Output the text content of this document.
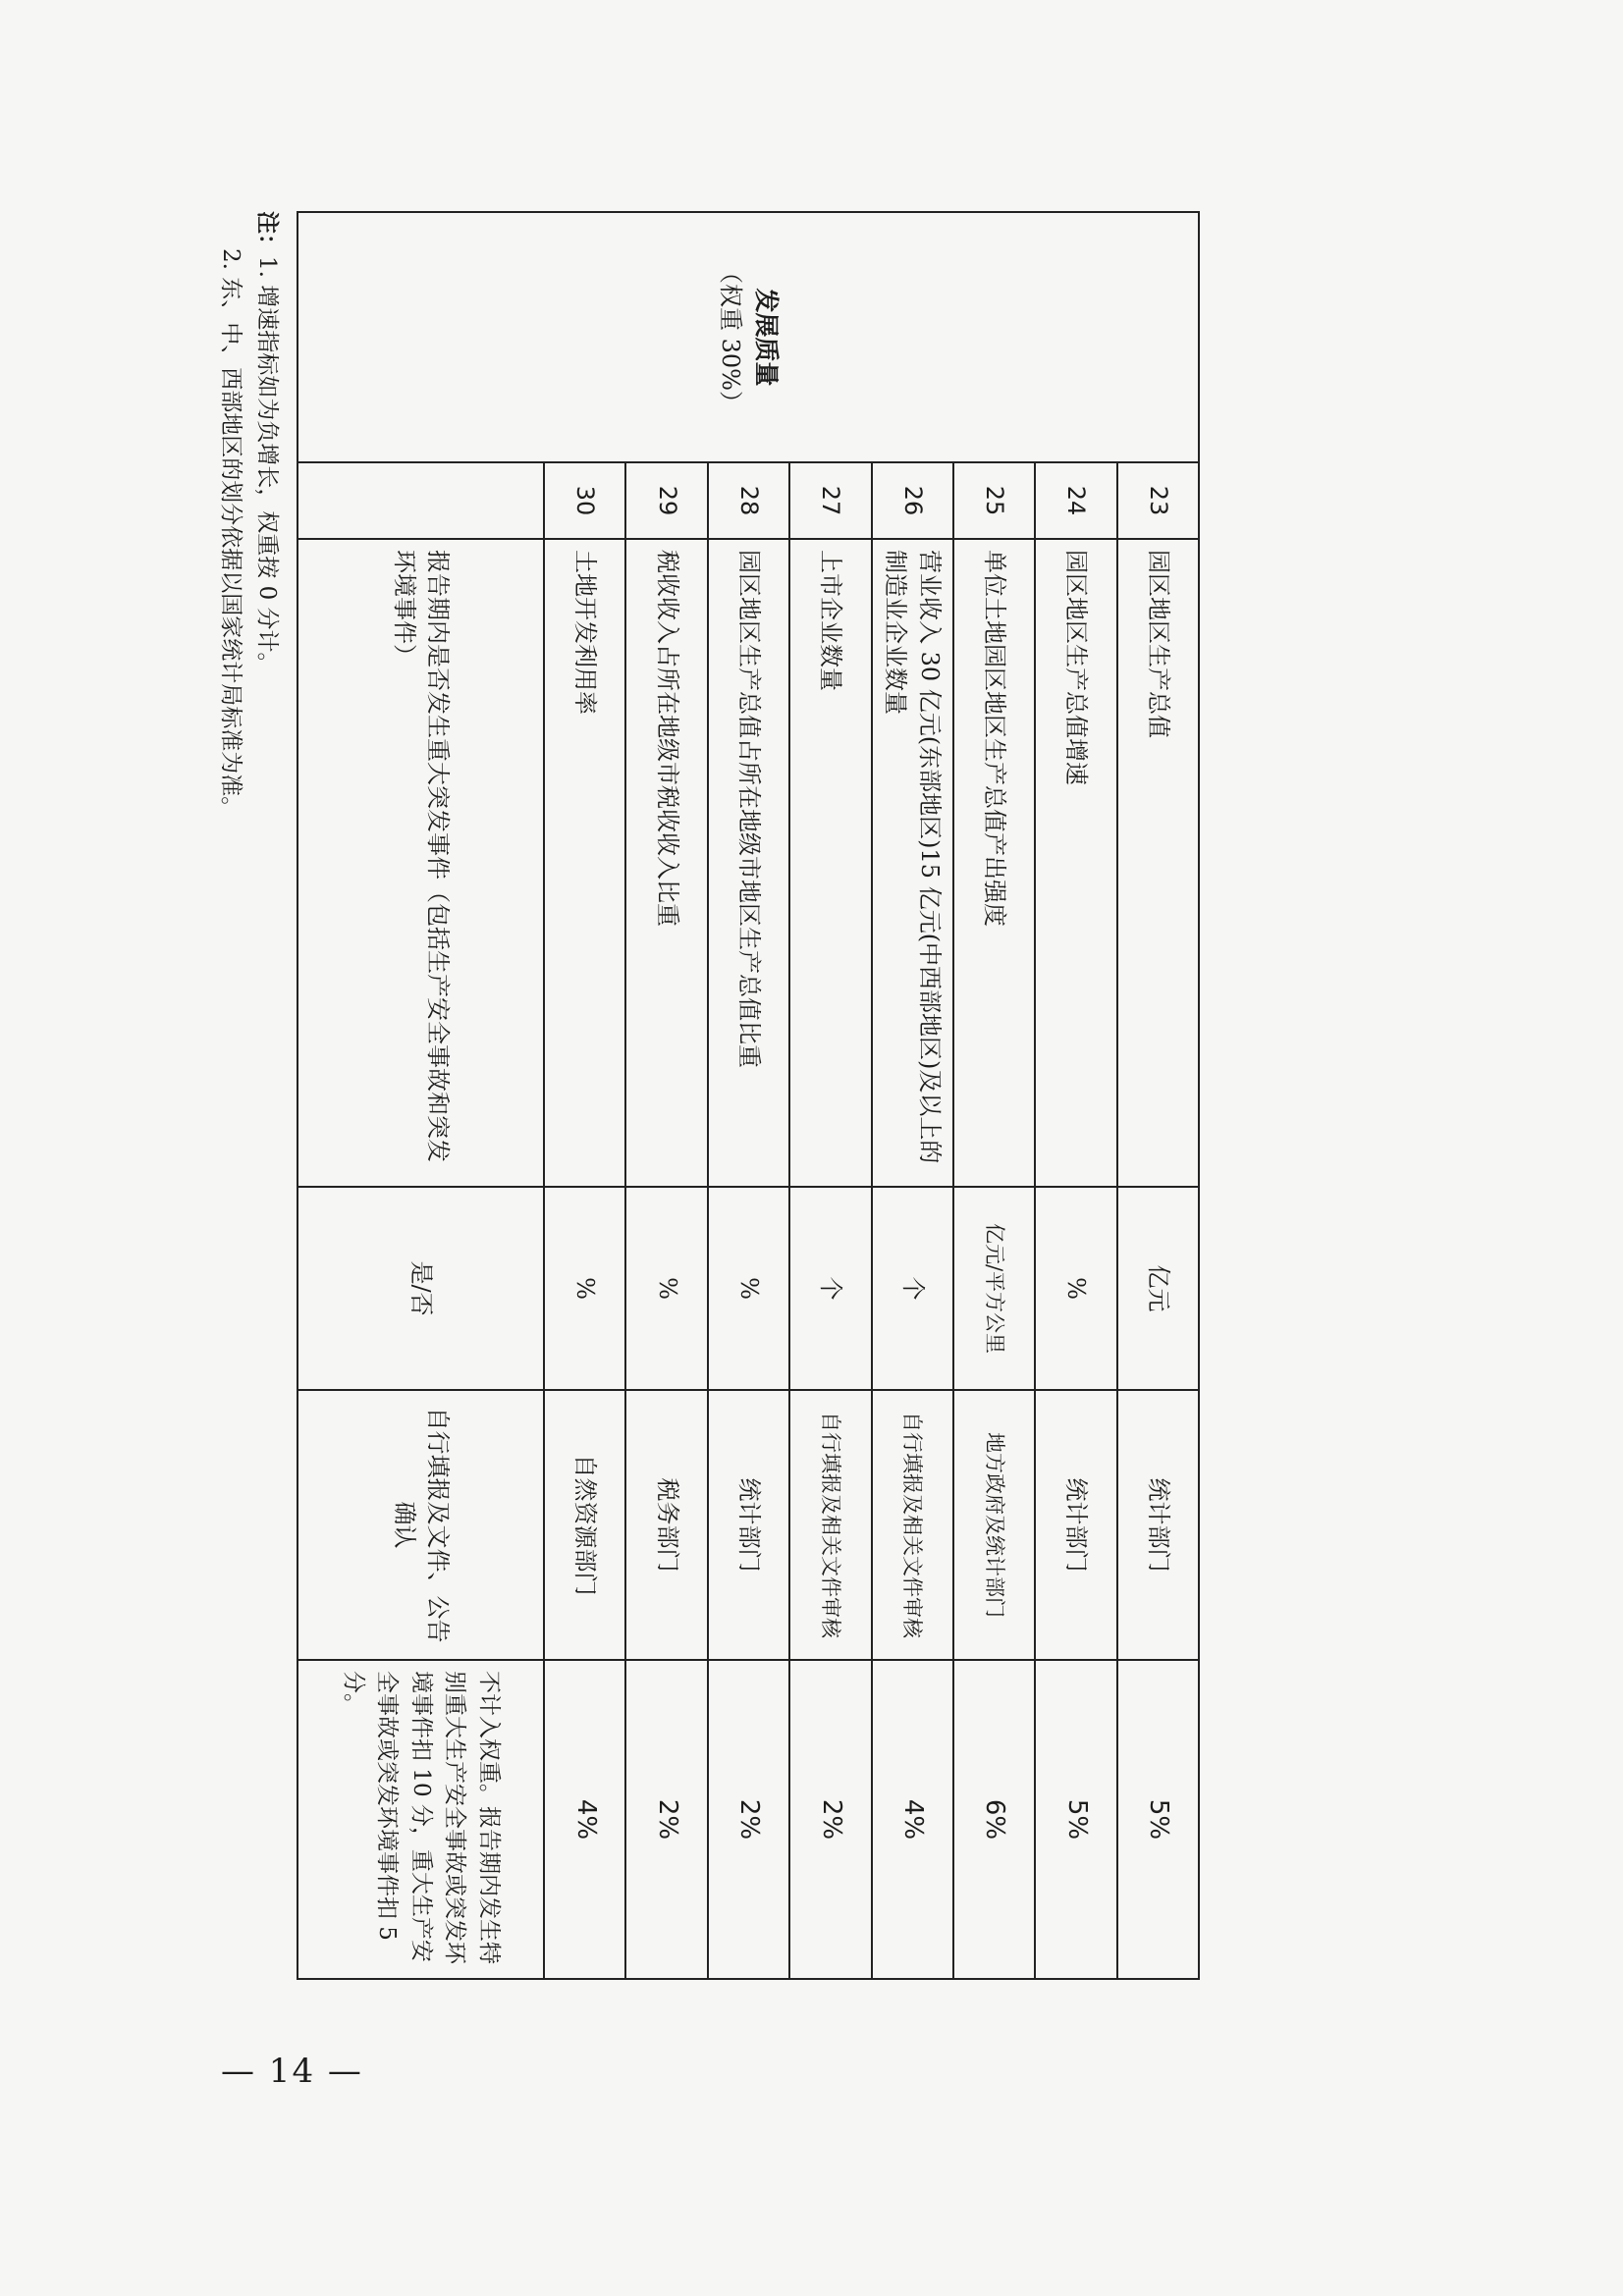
发展质量
（权重 30%）	23	园区地区生产总值	亿元	统计部门	5%
	24	园区地区生产总值增速	%	统计部门	5%
	25	单位土地园区地区生产总值产出强度	亿元/平方公里	地方政府及统计部门	6%
	26	营业收入 30 亿元(东部地区)15 亿元(中西部地区)及以上的制造业企业数量	个	自行填报及相关文件审核	4%
	27	上市企业数量	个	自行填报及相关文件审核	2%
	28	园区地区生产总值占所在地级市地区生产总值比重	%	统计部门	2%
	29	税收收入占所在地级市税收收入比重	%	税务部门	2%
	30	土地开发利用率	%	自然资源部门	4%
		报告期内是否发生重大突发事件（包括生产安全事故和突发环境事件）	是/否	自行填报及文件、公告确认	不计入权重。报告期内发生特别重大生产安全事故或突发环境事件扣 10 分，重大生产安全事故或突发环境事件扣 5 分。
注：1. 增速指标如为负增长，权重按 0 分计。
2. 东、中、西部地区的划分依据以国家统计局标准为准。
— 14 —
